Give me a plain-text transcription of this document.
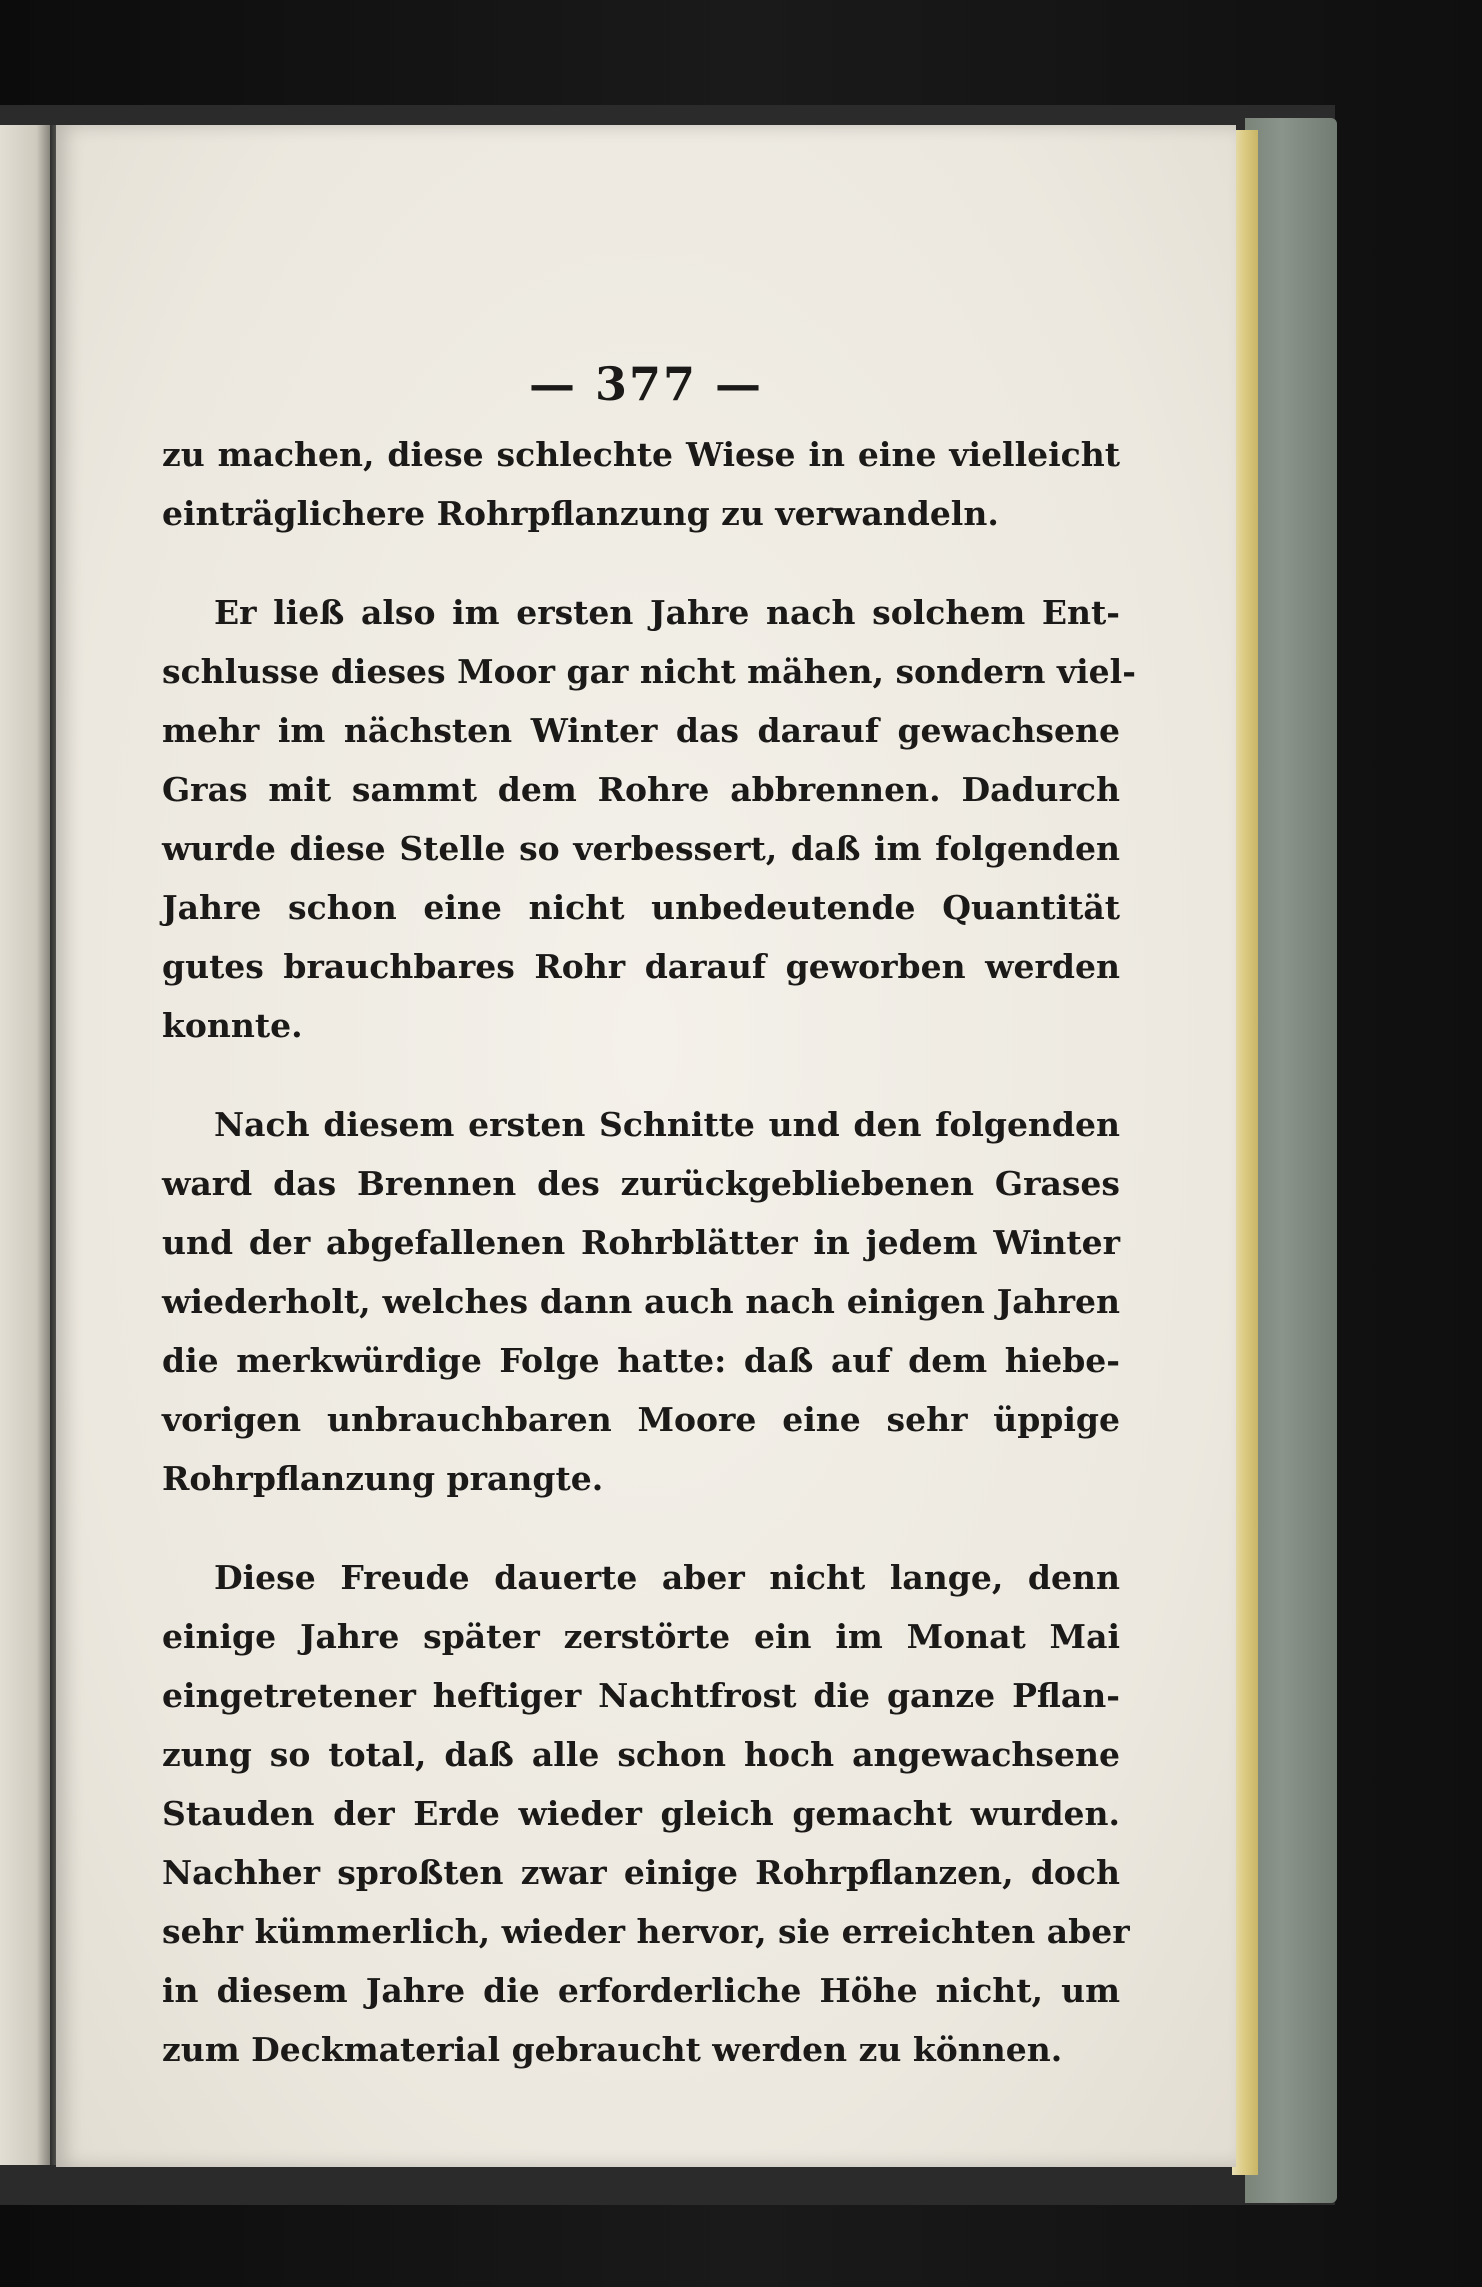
— 377 —
zu machen, diese schlechte Wiese in eine vielleicht
einträglichere Rohrpflanzung zu verwandeln.
Er ließ also im ersten Jahre nach solchem Ent-
schlusse dieses Moor gar nicht mähen, sondern viel-
mehr im nächsten Winter das darauf gewachsene
Gras mit sammt dem Rohre abbrennen. Dadurch
wurde diese Stelle so verbessert, daß im folgenden
Jahre schon eine nicht unbedeutende Quantität
gutes brauchbares Rohr darauf geworben werden
konnte.
Nach diesem ersten Schnitte und den folgenden
ward das Brennen des zurückgebliebenen Grases
und der abgefallenen Rohrblätter in jedem Winter
wiederholt, welches dann auch nach einigen Jahren
die merkwürdige Folge hatte: daß auf dem hiebe-
vorigen unbrauchbaren Moore eine sehr üppige
Rohrpflanzung prangte.
Diese Freude dauerte aber nicht lange, denn
einige Jahre später zerstörte ein im Monat Mai
eingetretener heftiger Nachtfrost die ganze Pflan-
zung so total, daß alle schon hoch angewachsene
Stauden der Erde wieder gleich gemacht wurden.
Nachher sproßten zwar einige Rohrpflanzen, doch
sehr kümmerlich, wieder hervor, sie erreichten aber
in diesem Jahre die erforderliche Höhe nicht, um
zum Deckmaterial gebraucht werden zu können.
